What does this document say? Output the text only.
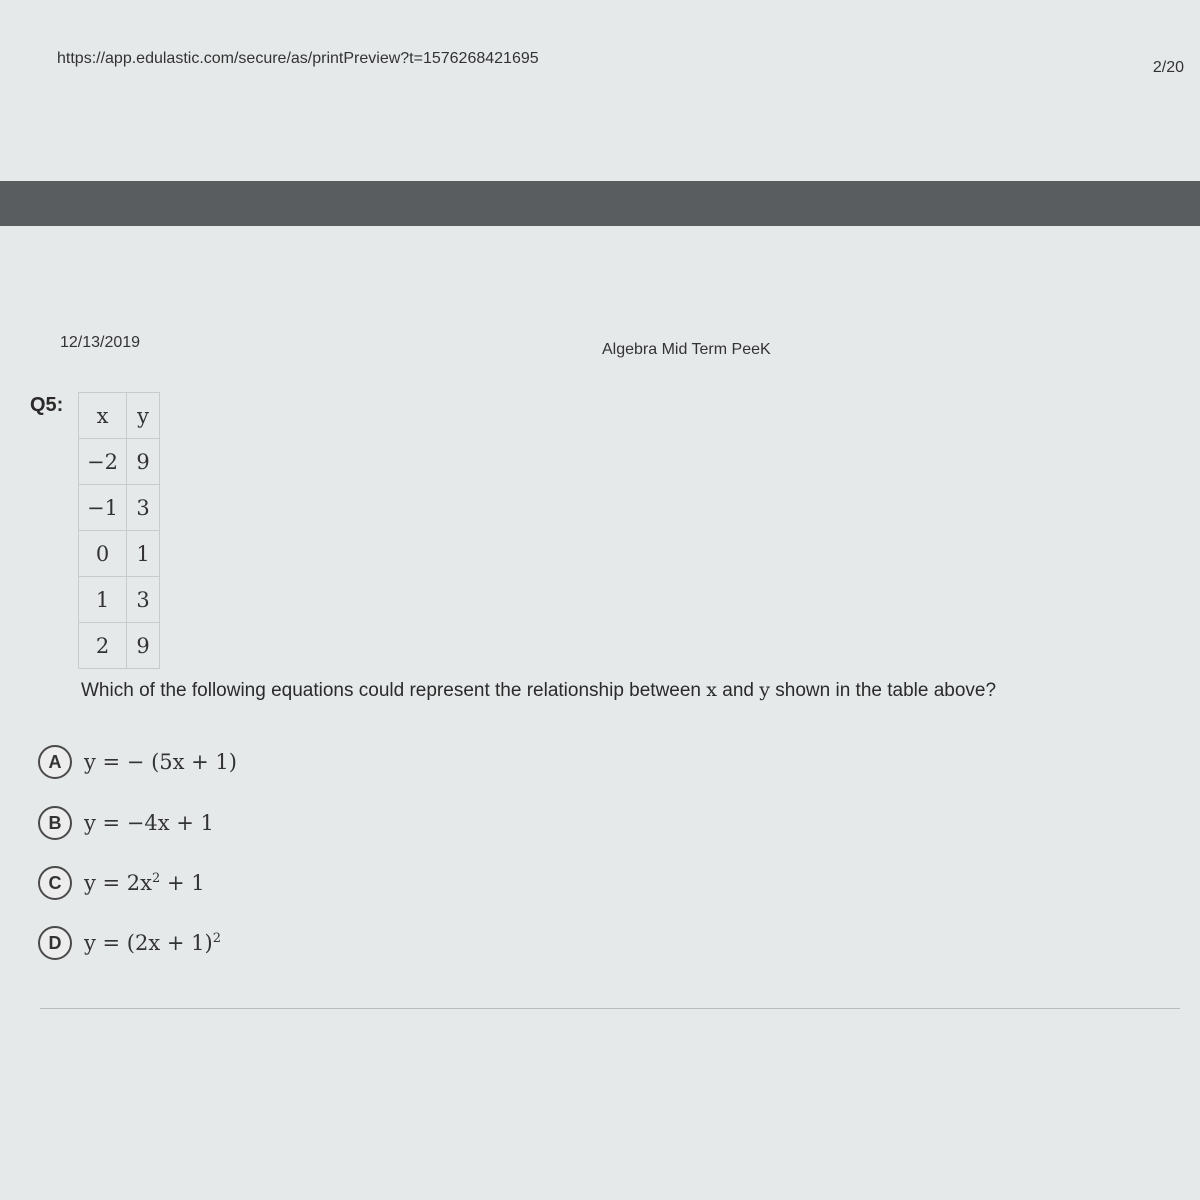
https://app.edulastic.com/secure/as/printPreview?t=1576268421695
2/20
12/13/2019	Algebra Mid Term PeeK
Q5: x	y
−2	9
−1	3
0	1
1	3
2	9
Which of the following equations could represent the relationship between x and y shown in the table above?
A	y = − (5x + 1)
B	y = −4x + 1
C	$y = 2x^2 + 1$
D	$y = (2x + 1)^2$
